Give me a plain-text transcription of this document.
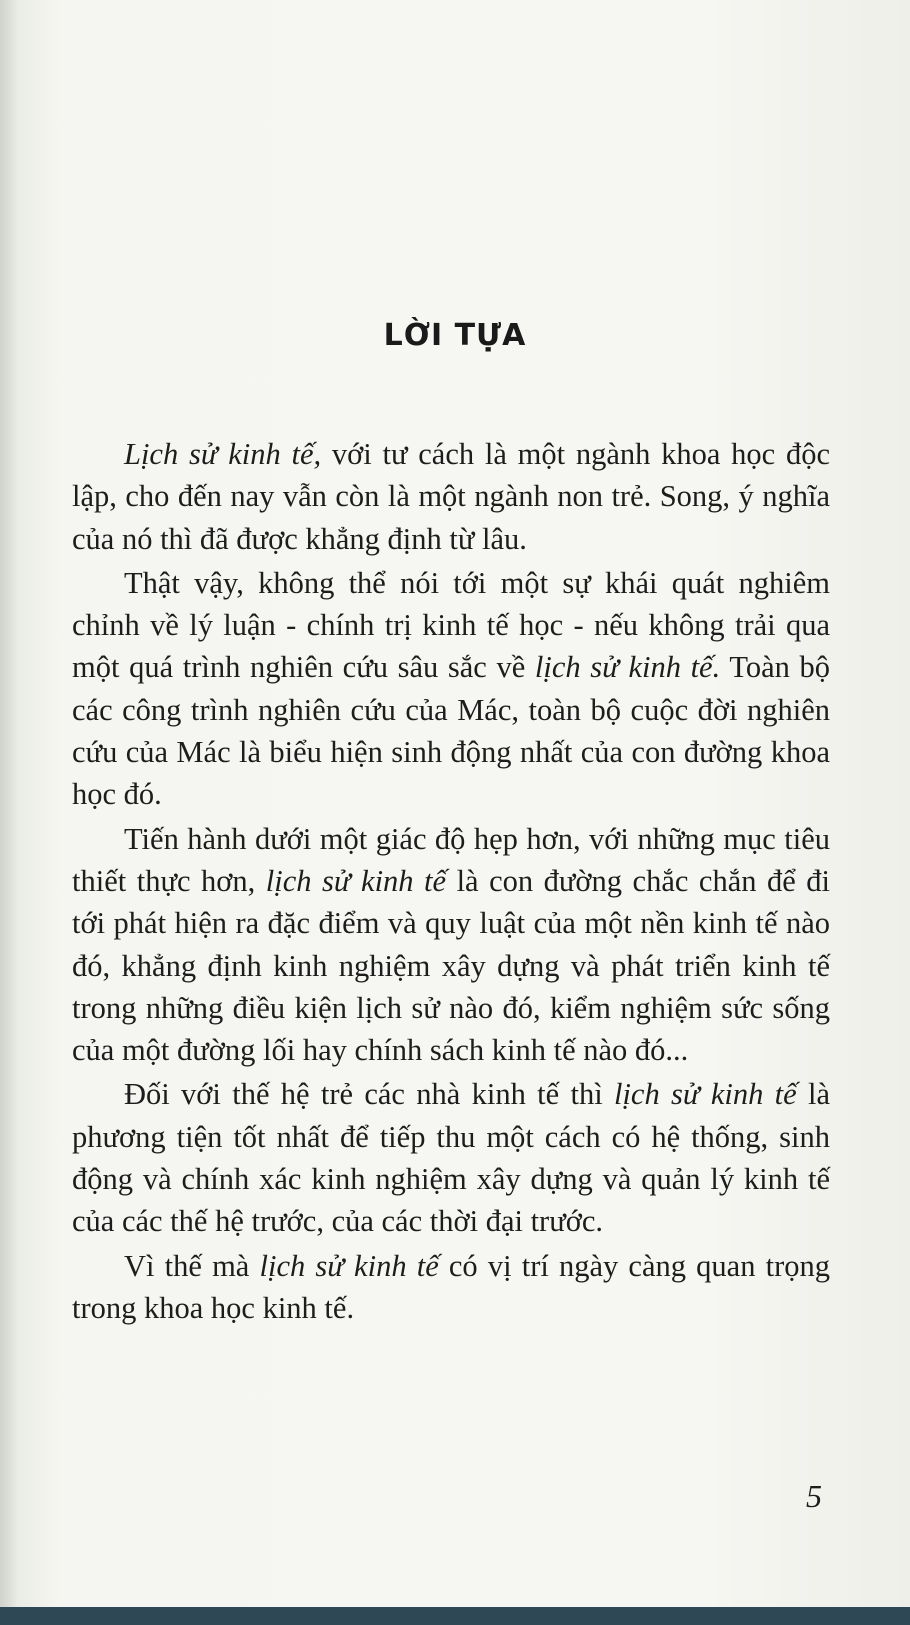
LỜI TỰA

Lịch sử kinh tế, với tư cách là một ngành khoa học độc lập, cho đến nay vẫn còn là một ngành non trẻ. Song, ý nghĩa của nó thì đã được khẳng định từ lâu.

Thật vậy, không thể nói tới một sự khái quát nghiêm chỉnh về lý luận - chính trị kinh tế học - nếu không trải qua một quá trình nghiên cứu sâu sắc về lịch sử kinh tế. Toàn bộ các công trình nghiên cứu của Mác, toàn bộ cuộc đời nghiên cứu của Mác là biểu hiện sinh động nhất của con đường khoa học đó.

Tiến hành dưới một giác độ hẹp hơn, với những mục tiêu thiết thực hơn, lịch sử kinh tế là con đường chắc chắn để đi tới phát hiện ra đặc điểm và quy luật của một nền kinh tế nào đó, khẳng định kinh nghiệm xây dựng và phát triển kinh tế trong những điều kiện lịch sử nào đó, kiểm nghiệm sức sống của một đường lối hay chính sách kinh tế nào đó...

Đối với thế hệ trẻ các nhà kinh tế thì lịch sử kinh tế là phương tiện tốt nhất để tiếp thu một cách có hệ thống, sinh động và chính xác kinh nghiệm xây dựng và quản lý kinh tế của các thế hệ trước, của các thời đại trước.

Vì thế mà lịch sử kinh tế có vị trí ngày càng quan trọng trong khoa học kinh tế.

5
